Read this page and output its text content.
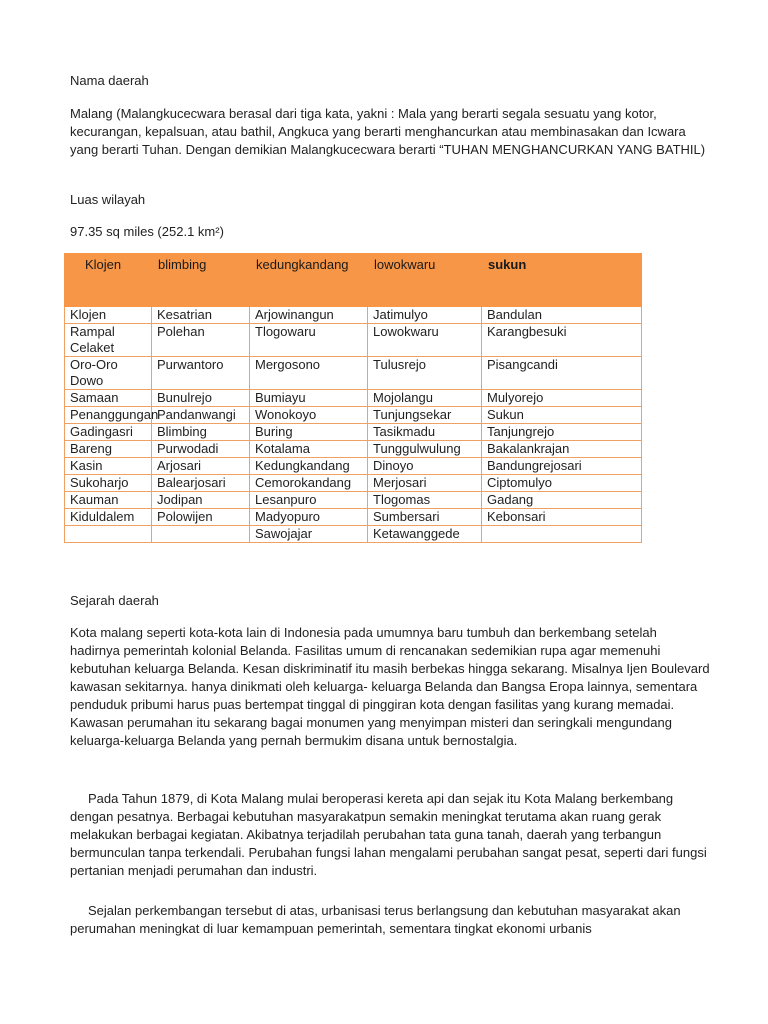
Nama daerah

Malang (Malangkucecwara berasal dari tiga kata, yakni : Mala yang berarti segala sesuatu yang kotor, kecurangan, kepalsuan, atau bathil, Angkuca yang berarti menghancurkan atau membinasakan dan Icwara yang berarti Tuhan. Dengan demikian Malangkucecwara berarti “TUHAN MENGHANCURKAN YANG BATHIL)

Luas wilayah

97.35 sq miles (252.1 km²)

Klojen	blimbing	kedungkandang	lowokwaru	sukun
Klojen	Kesatrian	Arjowinangun	Jatimulyo	Bandulan
Rampal Celaket	Polehan	Tlogowaru	Lowokwaru	Karangbesuki
Oro-Oro Dowo	Purwantoro	Mergosono	Tulusrejo	Pisangcandi
Samaan	Bunulrejo	Bumiayu	Mojolangu	Mulyorejo
Penanggungan	Pandanwangi	Wonokoyo	Tunjungsekar	Sukun
Gadingasri	Blimbing	Buring	Tasikmadu	Tanjungrejo
Bareng	Purwodadi	Kotalama	Tunggulwulung	Bakalankrajan
Kasin	Arjosari	Kedungkandang	Dinoyo	Bandungrejosari
Sukoharjo	Balearjosari	Cemorokandang	Merjosari	Ciptomulyo
Kauman	Jodipan	Lesanpuro	Tlogomas	Gadang
Kiduldalem	Polowijen	Madyopuro	Sumbersari	Kebonsari
		Sawojajar	Ketawanggede	

Sejarah daerah

Kota malang seperti kota-kota lain di Indonesia pada umumnya baru tumbuh dan berkembang setelah hadirnya pemerintah kolonial Belanda. Fasilitas umum di rencanakan sedemikian rupa agar memenuhi kebutuhan keluarga Belanda. Kesan diskriminatif itu masih berbekas hingga sekarang. Misalnya Ijen Boulevard kawasan sekitarnya. hanya dinikmati oleh keluarga- keluarga Belanda dan Bangsa Eropa lainnya, sementara penduduk pribumi harus puas bertempat tinggal di pinggiran kota dengan fasilitas yang kurang memadai. Kawasan perumahan itu sekarang bagai monumen yang menyimpan misteri dan seringkali mengundang keluarga-keluarga Belanda yang pernah bermukim disana untuk bernostalgia.

Pada Tahun 1879, di Kota Malang mulai beroperasi kereta api dan sejak itu Kota Malang berkembang dengan pesatnya. Berbagai kebutuhan masyarakatpun semakin meningkat terutama akan ruang gerak melakukan berbagai kegiatan. Akibatnya terjadilah perubahan tata guna tanah, daerah yang terbangun bermunculan tanpa terkendali. Perubahan fungsi lahan mengalami perubahan sangat pesat, seperti dari fungsi pertanian menjadi perumahan dan industri.

Sejalan perkembangan tersebut di atas, urbanisasi terus berlangsung dan kebutuhan masyarakat akan perumahan meningkat di luar kemampuan pemerintah, sementara tingkat ekonomi urbanis
